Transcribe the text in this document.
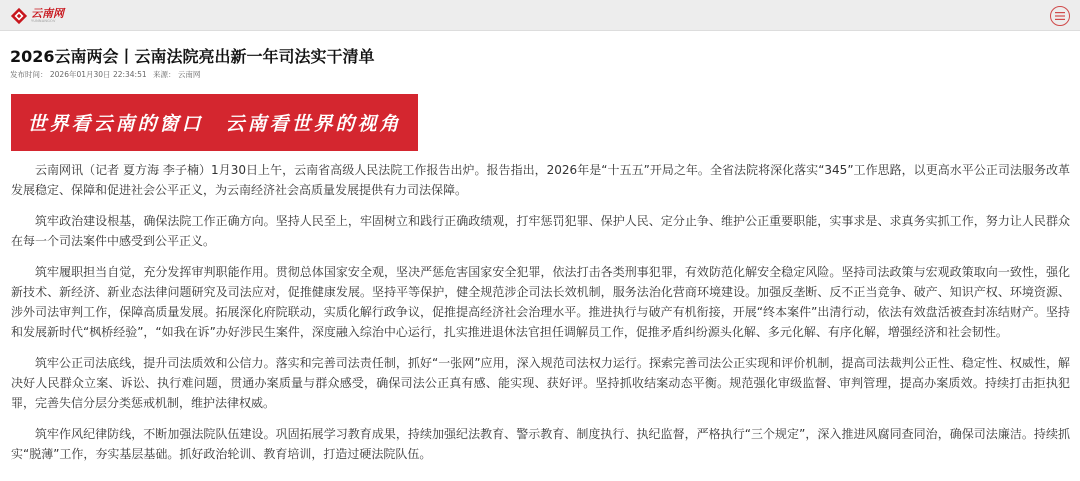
云南网
YUNNANGOV
2026云南两会丨云南法院亮出新一年司法实干清单
发布时间： 2026年01月30日 22:34:51 来源： 云南网
世界看云南的窗口　云南看世界的视角

云南网讯（记者 夏方海 李子楠）1月30日上午，云南省高级人民法院工作报告出炉。报告指出，2026年是“十五五”开局之年。全省法院将深化落实“345”工作思路，以更高水平公正司法服务改革发展稳定、保障和促进社会公平正义，为云南经济社会高质量发展提供有力司法保障。

筑牢政治建设根基，确保法院工作正确方向。坚持人民至上，牢固树立和践行正确政绩观，打牢惩罚犯罪、保护人民、定分止争、维护公正重要职能，实事求是、求真务实抓工作，努力让人民群众在每一个司法案件中感受到公平正义。

筑牢履职担当自觉，充分发挥审判职能作用。贯彻总体国家安全观，坚决严惩危害国家安全犯罪，依法打击各类刑事犯罪，有效防范化解安全稳定风险。坚持司法政策与宏观政策取向一致性，强化新技术、新经济、新业态法律问题研究及司法应对，促推健康发展。坚持平等保护，健全规范涉企司法长效机制，服务法治化营商环境建设。加强反垄断、反不正当竞争、破产、知识产权、环境资源、涉外司法审判工作，保障高质量发展。拓展深化府院联动，实质化解行政争议，促推提高经济社会治理水平。推进执行与破产有机衔接，开展“终本案件”出清行动，依法有效盘活被查封冻结财产。坚持和发展新时代“枫桥经验”，“如我在诉”办好涉民生案件，深度融入综治中心运行，扎实推进退休法官担任调解员工作，促推矛盾纠纷源头化解、多元化解、有序化解，增强经济和社会韧性。

筑牢公正司法底线，提升司法质效和公信力。落实和完善司法责任制，抓好“一张网”应用，深入规范司法权力运行。探索完善司法公正实现和评价机制，提高司法裁判公正性、稳定性、权威性，解决好人民群众立案、诉讼、执行难问题，贯通办案质量与群众感受，确保司法公正真有感、能实现、获好评。坚持抓收结案动态平衡。规范强化审级监督、审判管理，提高办案质效。持续打击拒执犯罪，完善失信分层分类惩戒机制，维护法律权威。

筑牢作风纪律防线，不断加强法院队伍建设。巩固拓展学习教育成果，持续加强纪法教育、警示教育、制度执行、执纪监督，严格执行“三个规定”，深入推进风腐同查同治，确保司法廉洁。持续抓实“脱薄”工作，夯实基层基础。抓好政治轮训、教育培训，打造过硬法院队伍。
